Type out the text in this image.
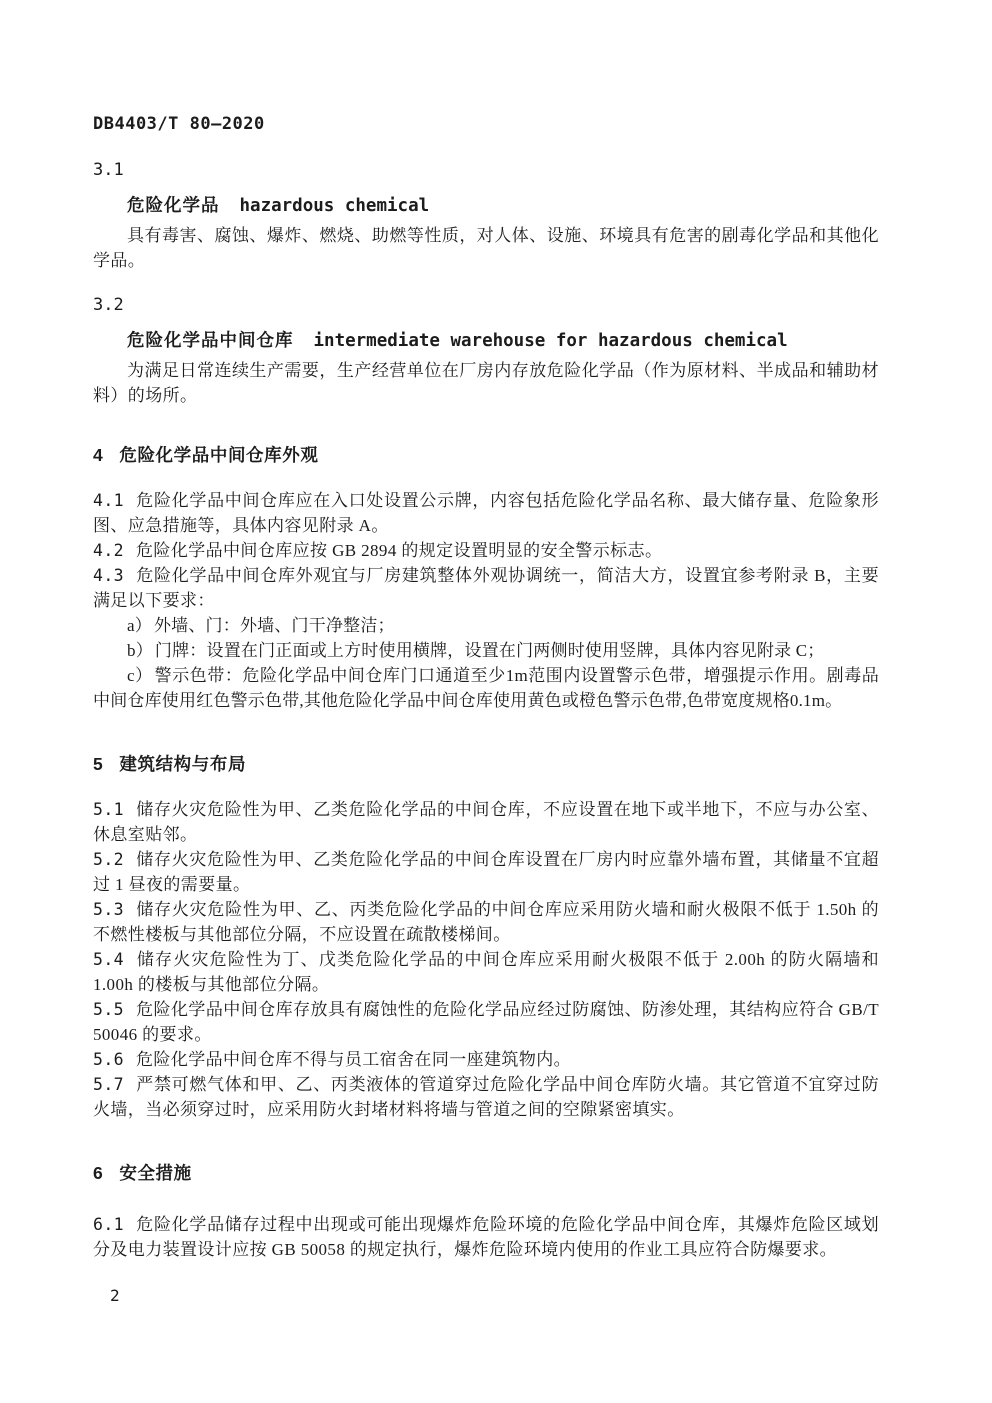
DB4403/T 80—2020
3.1
危险化学品 hazardous chemical

具有毒害、腐蚀、爆炸、燃烧、助燃等性质，对人体、设施、环境具有危害的剧毒化学品和其他化学品。

3.2
危险化学品中间仓库 intermediate warehouse for hazardous chemical

为满足日常连续生产需要，生产经营单位在厂房内存放危险化学品（作为原材料、半成品和辅助材料）的场所。

4 危险化学品中间仓库外观

4.1 危险化学品中间仓库应在入口处设置公示牌，内容包括危险化学品名称、最大储存量、危险象形图、应急措施等，具体内容见附录 A。

4.2 危险化学品中间仓库应按 GB 2894 的规定设置明显的安全警示标志。

4.3 危险化学品中间仓库外观宜与厂房建筑整体外观协调统一，简洁大方，设置宜参考附录 B，主要满足以下要求：

a） 外墙、门：外墙、门干净整洁；

b） 门牌：设置在门正面或上方时使用横牌，设置在门两侧时使用竖牌，具体内容见附录 C；

c） 警示色带：危险化学品中间仓库门口通道至少1m范围内设置警示色带，增强提示作用。剧毒品中间仓库使用红色警示色带,其他危险化学品中间仓库使用黄色或橙色警示色带,色带宽度规格0.1m。

5 建筑结构与布局

5.1 储存火灾危险性为甲、乙类危险化学品的中间仓库，不应设置在地下或半地下，不应与办公室、休息室贴邻。

5.2 储存火灾危险性为甲、乙类危险化学品的中间仓库设置在厂房内时应靠外墙布置，其储量不宜超过 1 昼夜的需要量。

5.3 储存火灾危险性为甲、乙、丙类危险化学品的中间仓库应采用防火墙和耐火极限不低于 1.50h 的不燃性楼板与其他部位分隔，不应设置在疏散楼梯间。

5.4 储存火灾危险性为丁、戊类危险化学品的中间仓库应采用耐火极限不低于 2.00h 的防火隔墙和 1.00h 的楼板与其他部位分隔。

5.5 危险化学品中间仓库存放具有腐蚀性的危险化学品应经过防腐蚀、防渗处理，其结构应符合 GB/T 50046 的要求。

5.6 危险化学品中间仓库不得与员工宿舍在同一座建筑物内。

5.7 严禁可燃气体和甲、乙、丙类液体的管道穿过危险化学品中间仓库防火墙。其它管道不宜穿过防火墙，当必须穿过时，应采用防火封堵材料将墙与管道之间的空隙紧密填实。

6 安全措施

6.1 危险化学品储存过程中出现或可能出现爆炸危险环境的危险化学品中间仓库，其爆炸危险区域划分及电力装置设计应按 GB 50058 的规定执行，爆炸危险环境内使用的作业工具应符合防爆要求。

2
